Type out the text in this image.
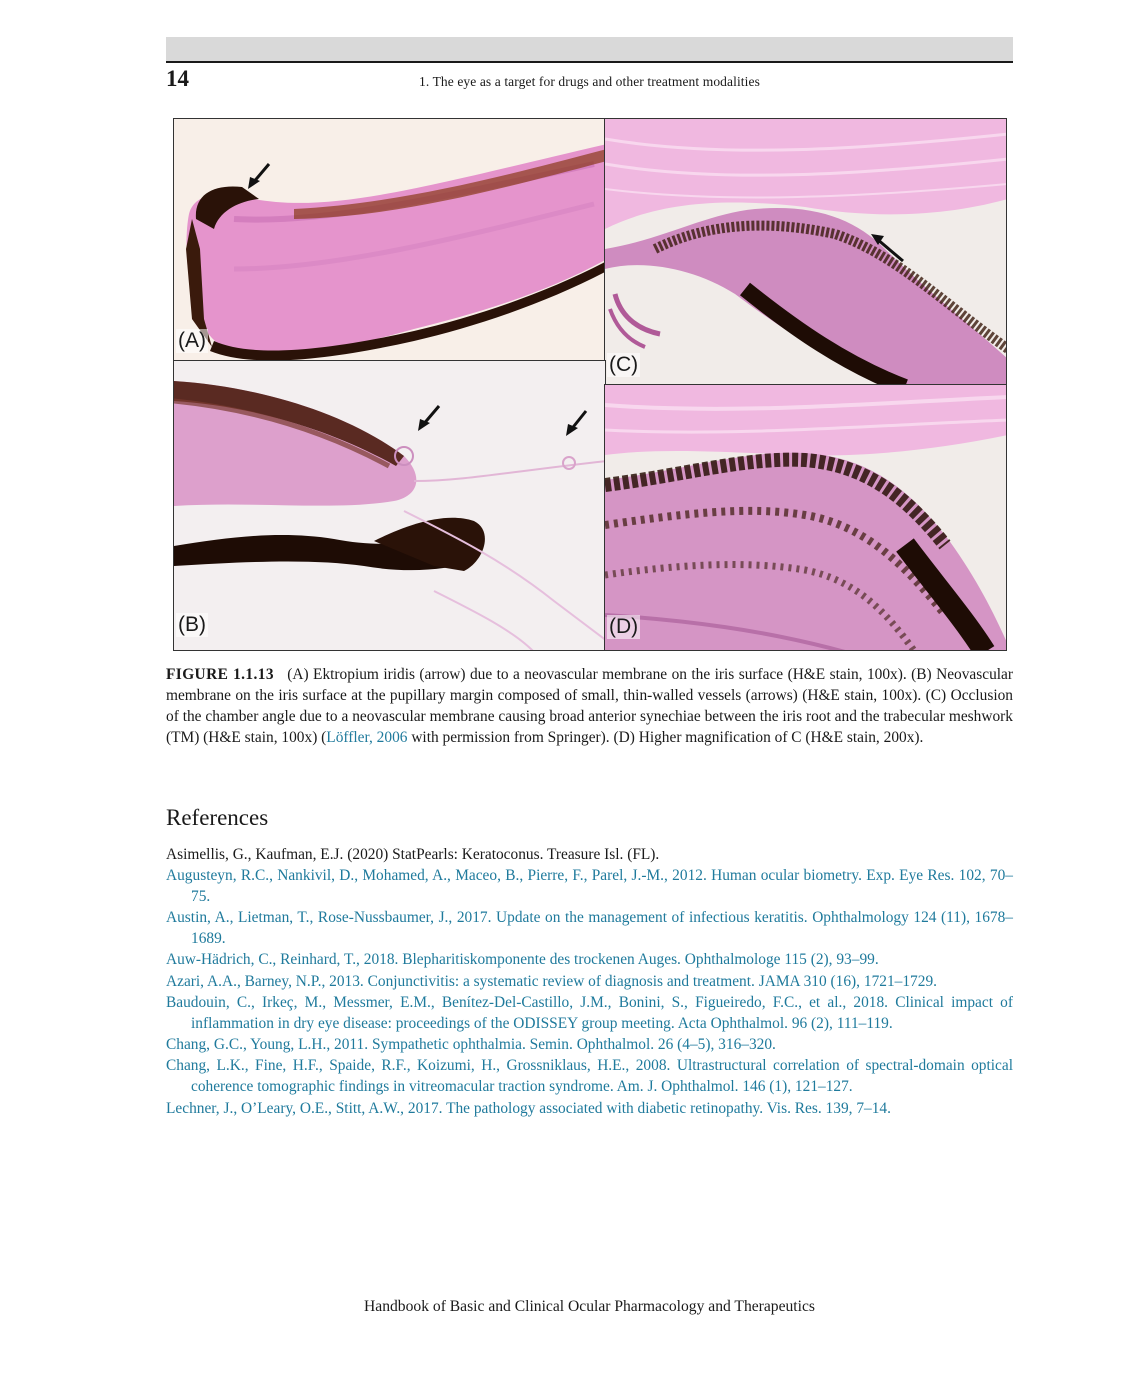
14	1. The eye as a target for drugs and other treatment modalities
(A)
(C)
(B)	(D)
FIGURE 1.1.13 (A) Ektropium iridis (arrow) due to a neovascular membrane on the iris surface (H&E stain, 100x). (B) Neovascular membrane on the iris surface at the pupillary margin composed of small, thin-walled vessels (arrows) (H&E stain, 100x). (C) Occlusion of the chamber angle due to a neovascular membrane causing broad anterior synechiae between the iris root and the trabecular meshwork (TM) (H&E stain, 100x) (Löffler, 2006 with permission from Springer). (D) Higher magnification of C (H&E stain, 200x).
References
Asimellis, G., Kaufman, E.J. (2020) StatPearls: Keratoconus. Treasure Isl. (FL).
Augusteyn, R.C., Nankivil, D., Mohamed, A., Maceo, B., Pierre, F., Parel, J.-M., 2012. Human ocular biometry. Exp. Eye Res. 102, 70–75.
Austin, A., Lietman, T., Rose-Nussbaumer, J., 2017. Update on the management of infectious keratitis. Ophthalmology 124 (11), 1678–1689.
Auw-Hädrich, C., Reinhard, T., 2018. Blepharitiskomponente des trockenen Auges. Ophthalmologe 115 (2), 93–99.
Azari, A.A., Barney, N.P., 2013. Conjunctivitis: a systematic review of diagnosis and treatment. JAMA 310 (16), 1721–1729.
Baudouin, C., Irkeç, M., Messmer, E.M., Benítez-Del-Castillo, J.M., Bonini, S., Figueiredo, F.C., et al., 2018. Clinical impact of inflammation in dry eye disease: proceedings of the ODISSEY group meeting. Acta Ophthalmol. 96 (2), 111–119.
Chang, G.C., Young, L.H., 2011. Sympathetic ophthalmia. Semin. Ophthalmol. 26 (4–5), 316–320.
Chang, L.K., Fine, H.F., Spaide, R.F., Koizumi, H., Grossniklaus, H.E., 2008. Ultrastructural correlation of spectral-domain optical coherence tomographic findings in vitreomacular traction syndrome. Am. J. Ophthalmol. 146 (1), 121–127.
Lechner, J., O’Leary, O.E., Stitt, A.W., 2017. The pathology associated with diabetic retinopathy. Vis. Res. 139, 7–14.
Handbook of Basic and Clinical Ocular Pharmacology and Therapeutics
